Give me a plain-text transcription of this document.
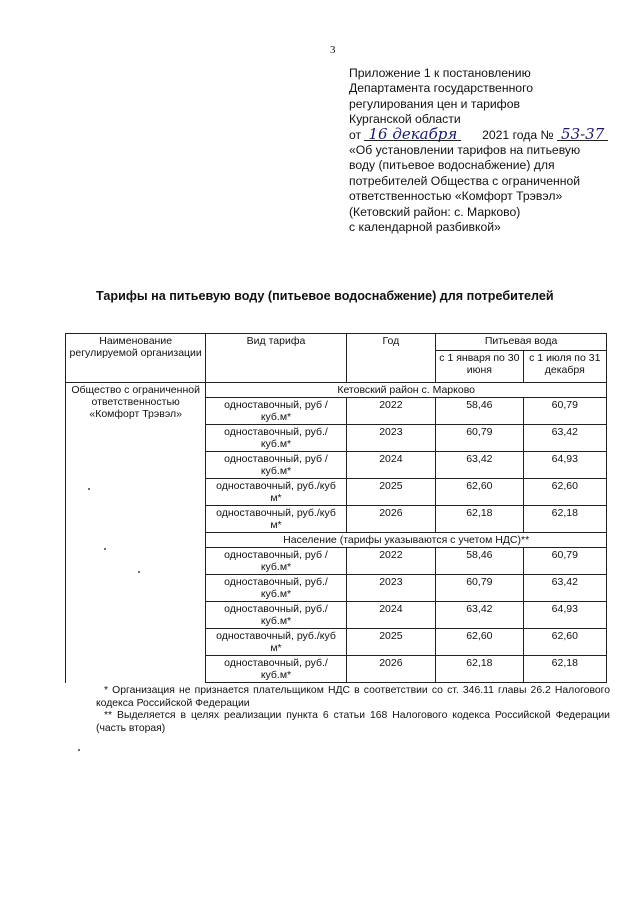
3
Приложение 1 к постановлению
Департамента государственного
регулирования цен и тарифов
Курганской области
от 16 декабря 2021 года № 53-37
«Об установлении тарифов на питьевую
воду (питьевое водоснабжение) для
потребителей Общества с ограниченной
ответственностью «Комфорт Трэвэл»
(Кетовский район: с. Марково)
с календарной разбивкой»
Тарифы на питьевую воду (питьевое водоснабжение) для потребителей
Наименование регулируемой организации	Вид тарифа	Год	Питьевая вода	
			с 1 января по 30 июня	с 1 июля по 31 декабря
Общество с ограниченной ответственностью «Комфорт Трэвэл»	Кетовский район с. Марково			
	одноставочный, руб /куб.м*	2022	58,46	60,79
	одноставочный, руб./куб.м*	2023	60,79	63,42
	одноставочный, руб /куб.м*	2024	63,42	64,93
	одноставочный, руб./куб м*	2025	62,60	62,60
	одноставочный, руб./куб м*	2026	62,18	62,18
	Население (тарифы указываются с учетом НДС)**			
	одноставочный, руб /куб.м*	2022	58,46	60,79
	одноставочный, руб./куб.м*	2023	60,79	63,42
	одноставочный, руб./куб.м*	2024	63,42	64,93
	одноставочный, руб./куб м*	2025	62,60	62,60
	одноставочный, руб./куб.м*	2026	62,18	62,18
* Организация не признается плательщиком НДС в соответствии со ст. 346.11 главы 26.2 Налогового кодекса Российской Федерации
** Выделяется в целях реализации пункта 6 статьи 168 Налогового кодекса Российской Федерации (часть вторая)
